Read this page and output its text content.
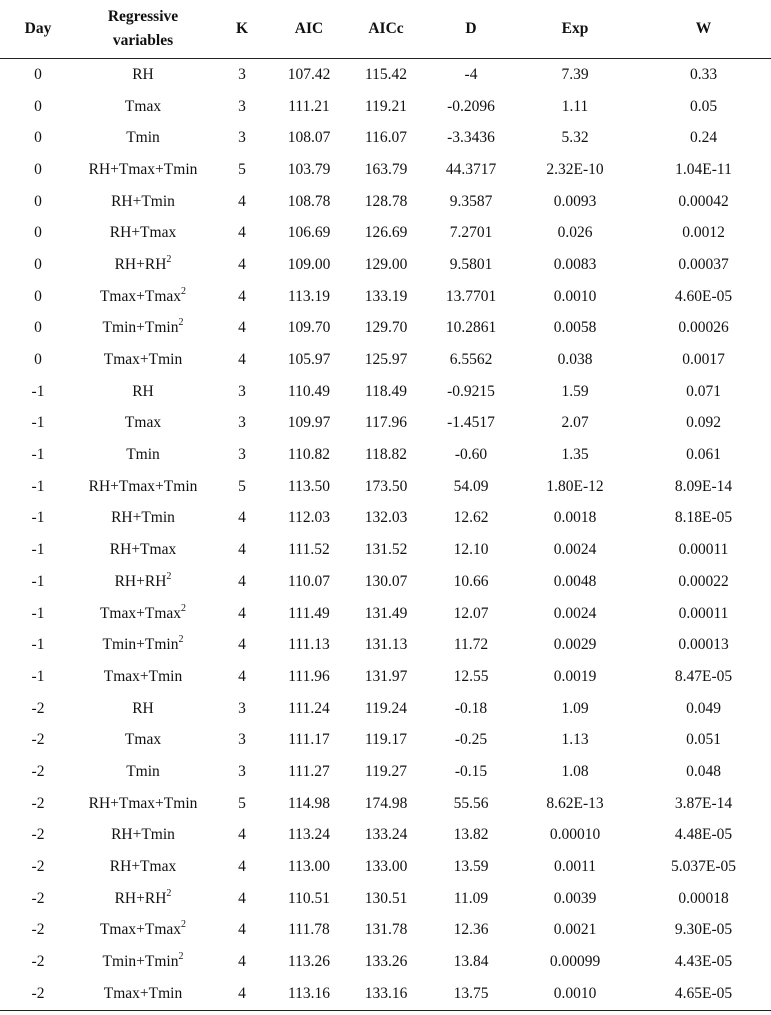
Day	Regressive variables	K	AIC	AICc	D	Exp	W
0	RH	3	107.42	115.42	-4	7.39	0.33
0	Tmax	3	111.21	119.21	-0.2096	1.11	0.05
0	Tmin	3	108.07	116.07	-3.3436	5.32	0.24
0	RH+Tmax+Tmin	5	103.79	163.79	44.3717	2.32E-10	1.04E-11
0	RH+Tmin	4	108.78	128.78	9.3587	0.0093	0.00042
0	RH+Tmax	4	106.69	126.69	7.2701	0.026	0.0012
0	$RH+RH^2$	4	109.00	129.00	9.5801	0.0083	0.00037
0	Tmax+Tmax$^2$	4	113.19	133.19	13.7701	0.0010	4.60E-05
0	Tmin+Tmin$^2$	4	109.70	129.70	10.2861	0.0058	0.00026
0	Tmax+Tmin	4	105.97	125.97	6.5562	0.038	0.0017
-1	RH	3	110.49	118.49	-0.9215	1.59	0.071
-1	Tmax	3	109.97	117.96	-1.4517	2.07	0.092
-1	Tmin	3	110.82	118.82	-0.60	1.35	0.061
-1	RH+Tmax+Tmin	5	113.50	173.50	54.09	1.80E-12	8.09E-14
-1	RH+Tmin	4	112.03	132.03	12.62	0.0018	8.18E-05
-1	RH+Tmax	4	111.52	131.52	12.10	0.0024	0.00011
-1	$RH+RH^2$	4	110.07	130.07	10.66	0.0048	0.00022
-1	Tmax+Tmax$^2$	4	111.49	131.49	12.07	0.0024	0.00011
-1	Tmin+Tmin$^2$	4	111.13	131.13	11.72	0.0029	0.00013
-1	Tmax+Tmin	4	111.96	131.97	12.55	0.0019	8.47E-05
-2	RH	3	111.24	119.24	-0.18	1.09	0.049
-2	Tmax	3	111.17	119.17	-0.25	1.13	0.051
-2	Tmin	3	111.27	119.27	-0.15	1.08	0.048
-2	RH+Tmax+Tmin	5	114.98	174.98	55.56	8.62E-13	3.87E-14
-2	RH+Tmin	4	113.24	133.24	13.82	0.00010	4.48E-05
-2	RH+Tmax	4	113.00	133.00	13.59	0.0011	5.037E-05
-2	$RH+RH^2$	4	110.51	130.51	11.09	0.0039	0.00018
-2	Tmax+Tmax$^2$	4	111.78	131.78	12.36	0.0021	9.30E-05
-2	Tmin+Tmin$^2$	4	113.26	133.26	13.84	0.00099	4.43E-05
-2	Tmax+Tmin	4	113.16	133.16	13.75	0.0010	4.65E-05
